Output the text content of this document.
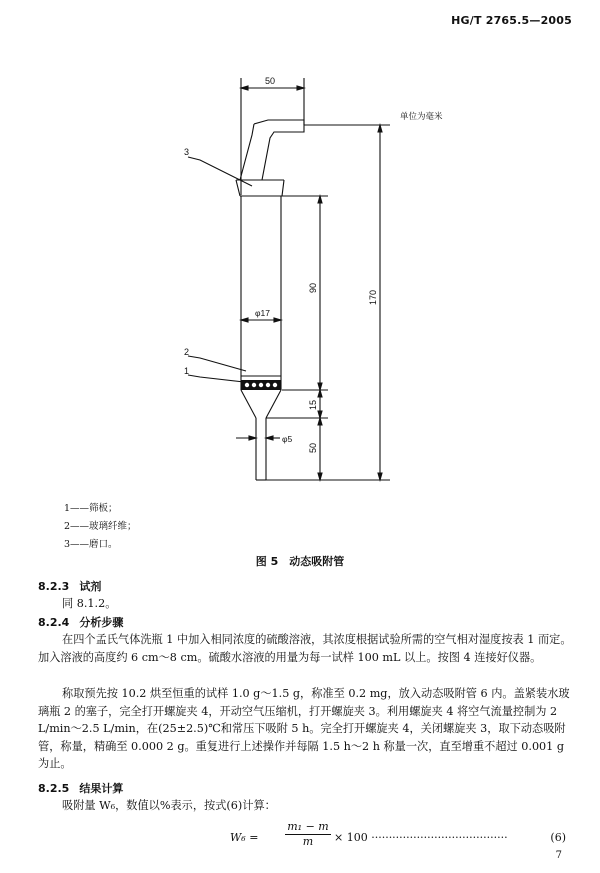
HG/T 2765.5—2005
50
单位为毫米
φ17
φ5
3
2
1
90
15
50
170
1——筛板；
2——玻璃纤维；
3——磨口。
图 5　动态吸附管
8.2.3 试剂
同 8.1.2。
8.2.4 分析步骤
在四个孟氏气体洗瓶 1 中加入相同浓度的硫酸溶液，其浓度根据试验所需的空气相对湿度按表 1 而定。加入溶液的高度约 6 cm～8 cm。硫酸水溶液的用量为每一试样 100 mL 以上。按图 4 连接好仪器。
称取预先按 10.2 烘至恒重的试样 1.0 g～1.5 g，称准至 0.2 mg，放入动态吸附管 6 内。盖紧装水玻璃瓶 2 的塞子，完全打开螺旋夹 4，开动空气压缩机，打开螺旋夹 3。利用螺旋夹 4 将空气流量控制为 2 L/min～2.5 L/min，在(25±2.5)℃和常压下吸附 5 h。完全打开螺旋夹 4，关闭螺旋夹 3，取下动态吸附管，称量，精确至 0.000 2 g。重复进行上述操作并每隔 1.5 h～2 h 称量一次，直至增重不超过 0.001 g 为止。
8.2.5 结果计算
吸附量 W₆，数值以%表示，按式(6)计算：
$W_6 = \frac{\text{m₁ − m}}{m} \times 100$ ·······································	(6)
7
